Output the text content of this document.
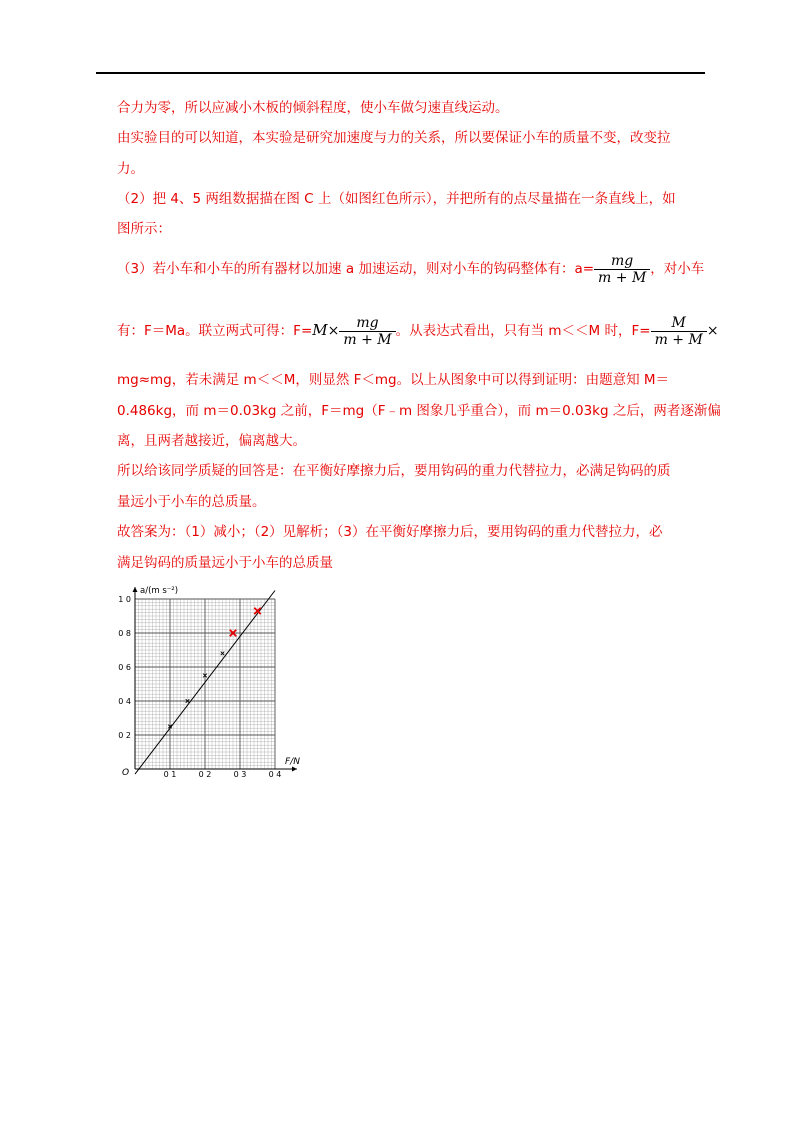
合力为零，所以应减小木板的倾斜程度，使小车做匀速直线运动。
由实验目的可以知道，本实验是研究加速度与力的关系，所以要保证小车的质量不变，改变拉
力。
（2）把 4、5 两组数据描在图 C 上（如图红色所示），并把所有的点尽量描在一条直线上，如
图所示：
（3）若小车和小车的所有器材以加速 a 加速运动，则对小车的钩码整体有：$a= \frac{mg}{m + M}$ ，对小车
有：F＝Ma。联立两式可得：$F=M\times \frac{mg}{m + M}$ 。从表达式看出，只有当 m＜＜M 时，$F= \frac{M}{m + M}$ ×
mg≈mg，若未满足 m＜＜M，则显然 F＜mg。以上从图象中可以得到证明：由题意知 M＝
0.486kg，而 m＝0.03kg 之前，F＝mg（F﹣m 图象几乎重合），而 m＝0.03kg 之后，两者逐渐偏
离，且两者越接近，偏离越大。
所以给该同学质疑的回答是：在平衡好摩擦力后，要用钩码的重力代替拉力，必满足钩码的质
量远小于小车的总质量。
故答案为：（1）减小；（2）见解析；（3）在平衡好摩擦力后，要用钩码的重力代替拉力，必
满足钩码的质量远小于小车的总质量
0 1	0 2	0 3	0 4
0 2
0 4
0 6
0 8
1 0
a/(m s⁻²)
F/N
O
